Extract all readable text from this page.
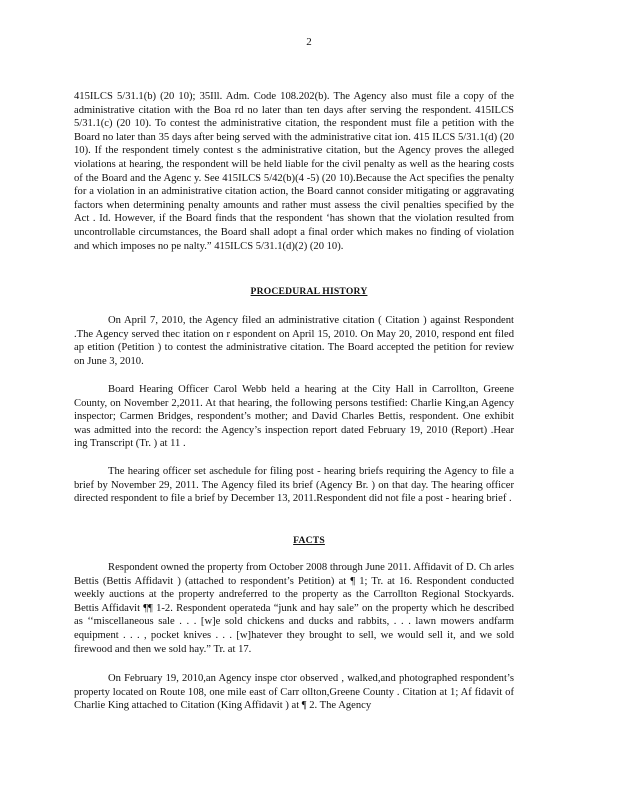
2

415ILCS 5/31.1(b) (20 10); 35Ill. Adm. Code 108.202(b). The Agency also must file a copy of the administrative citation with the Boa rd no later than ten days after serving the respondent. 415ILCS 5/31.1(c) (20 10). To contest the administrative citation, the respondent must file a petition with the Board no later than 35 days after being served with the administrative citat ion. 415 ILCS 5/31.1(d) (20 10). If the respondent timely contest s the administrative citation, but the Agency proves the alleged violations at hearing, the respondent will be held liable for the civil penalty as well as the hearing costs of the Board and the Agenc y. See 415ILCS 5/42(b)(4 -5) (20 10).Because the Act specifies the penalty for a violation in an administrative citation action, the Board cannot consider mitigating or aggravating factors when determining penalty amounts and rather must assess the civil penalties specified by the Act . Id. However, if the Board finds that the respondent ‘has shown that the violation resulted from uncontrollable circumstances, the Board shall adopt a final order which makes no finding of violation and which imposes no pe nalty.” 415ILCS 5/31.1(d)(2) (20 10).

PROCEDURAL HISTORY

On April 7, 2010, the Agency filed an administrative citation ( Citation ) against Respondent .The Agency served thec itation on r espondent on April 15, 2010. On May 20, 2010, respond ent filed ap etition (Petition ) to contest the administrative citation. The Board accepted the petition for review on June 3, 2010.

Board Hearing Officer Carol Webb held a hearing at the City Hall in Carrollton, Greene County, on November 2,2011. At that hearing, the following persons testified: Charlie King,an Agency inspector; Carmen Bridges, respondent’s mother; and David Charles Bettis, respondent. One exhibit was admitted into the record: the Agency’s inspection report dated February 19, 2010 (Report) .Hear ing Transcript (Tr. ) at 11 .

The hearing officer set aschedule for filing post - hearing briefs requiring the Agency to file a brief by November 29, 2011. The Agency filed its brief (Agency Br. ) on that day. The hearing officer directed respondent to file a brief by December 13, 2011.Respondent did not file a post - hearing brief .

FACTS

Respondent owned the property from October 2008 through June 2011. Affidavit of D. Ch arles Bettis (Bettis Affidavit ) (attached to respondent’s Petition) at ¶ 1; Tr. at 16. Respondent conducted weekly auctions at the property andreferred to the property as the Carrollton Regional Stockyards. Bettis Affidavit ¶¶ 1-2. Respondent operateda “junk and hay sale” on the property which he described as ‘‘miscellaneous sale . . . [w]e sold chickens and ducks and rabbits, . . . lawn mowers andfarm equipment . . . , pocket knives . . . [w]hatever they brought to sell, we would sell it, and we sold firewood and then we sold hay.” Tr. at 17.

On February 19, 2010,an Agency inspe ctor observed , walked,and photographed respondent’s property located on Route 108, one mile east of Carr ollton,Greene County . Citation at 1; Af fidavit of Charlie King attached to Citation (King Affidavit ) at ¶ 2. The Agency
